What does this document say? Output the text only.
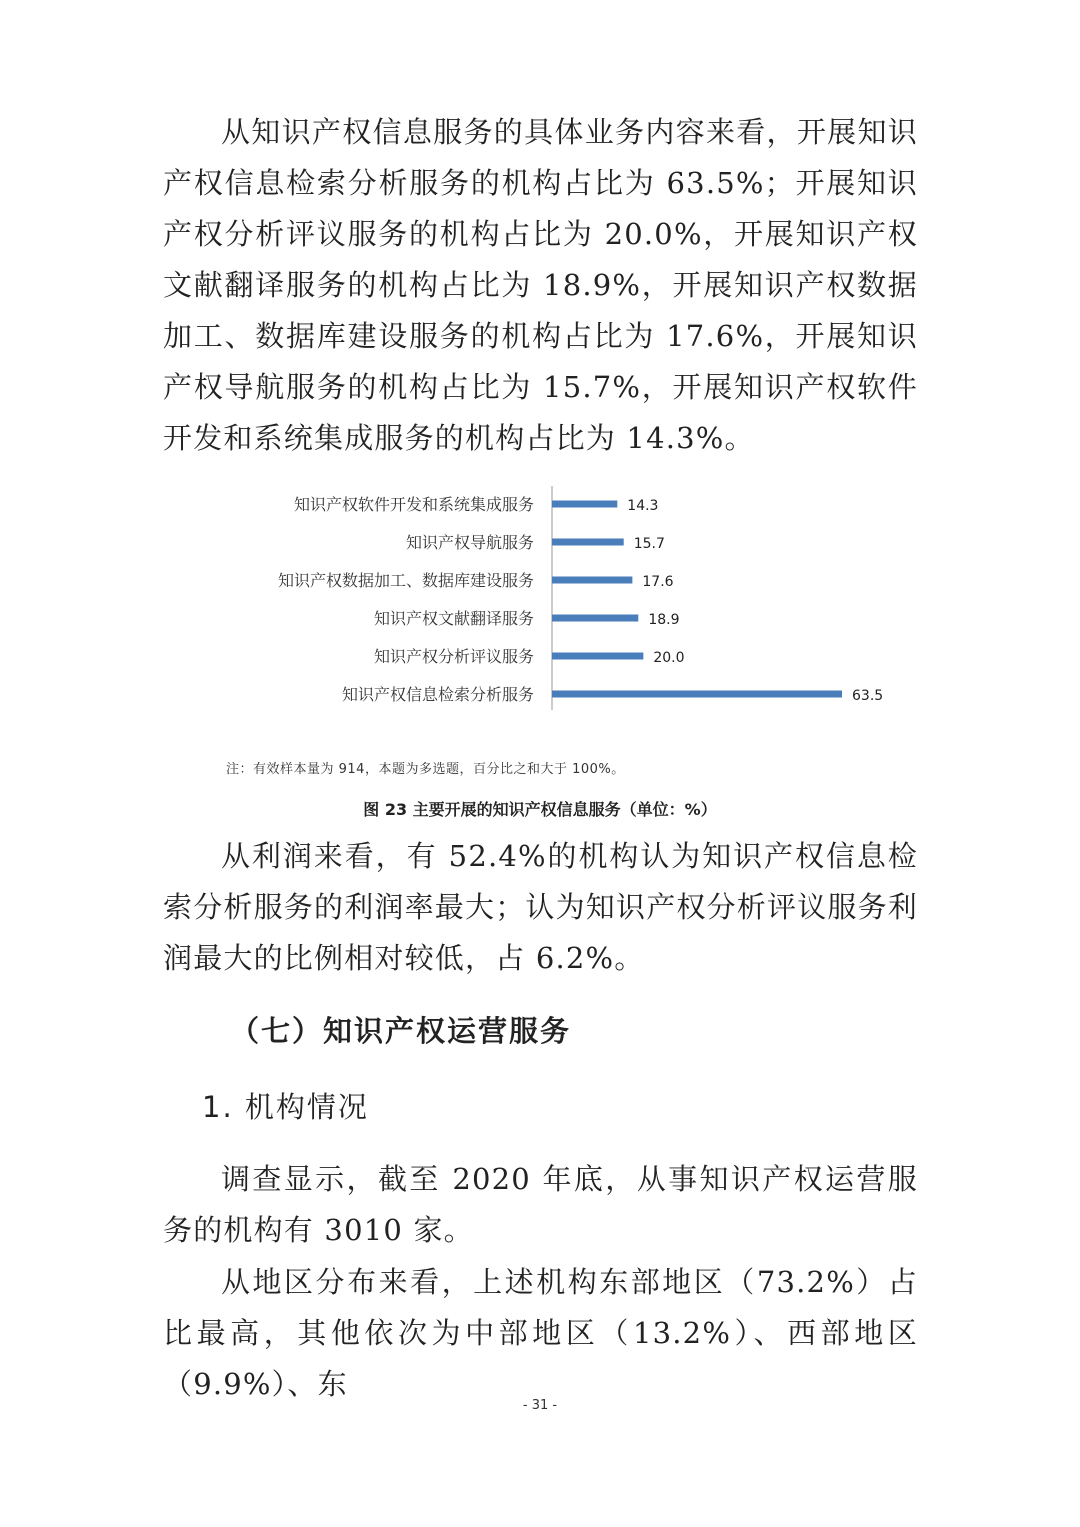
从知识产权信息服务的具体业务内容来看，开展知识产权信息检索分析服务的机构占比为 63.5%；开展知识产权分析评议服务的机构占比为 20.0%，开展知识产权文献翻译服务的机构占比为 18.9%，开展知识产权数据加工、数据库建设服务的机构占比为 17.6%，开展知识产权导航服务的机构占比为 15.7%，开展知识产权软件开发和系统集成服务的机构占比为 14.3%。

知识产权软件开发和系统集成服务
知识产权导航服务
知识产权数据加工、数据库建设服务
知识产权文献翻译服务
知识产权分析评议服务
知识产权信息检索分析服务
14.3
15.7
17.6
18.9
20.0
63.5
注：有效样本量为 914，本题为多选题，百分比之和大于 100%。
图 23 主要开展的知识产权信息服务（单位：%）

从利润来看，有 52.4%的机构认为知识产权信息检索分析服务的利润率最大；认为知识产权分析评议服务利润最大的比例相对较低，占 6.2%。

（七）知识产权运营服务
1. 机构情况

调查显示，截至 2020 年底，从事知识产权运营服务的机构有 3010 家。

从地区分布来看，上述机构东部地区（73.2%）占比最高，其他依次为中部地区（13.2%）、西部地区（9.9%）、东

- 31 -
